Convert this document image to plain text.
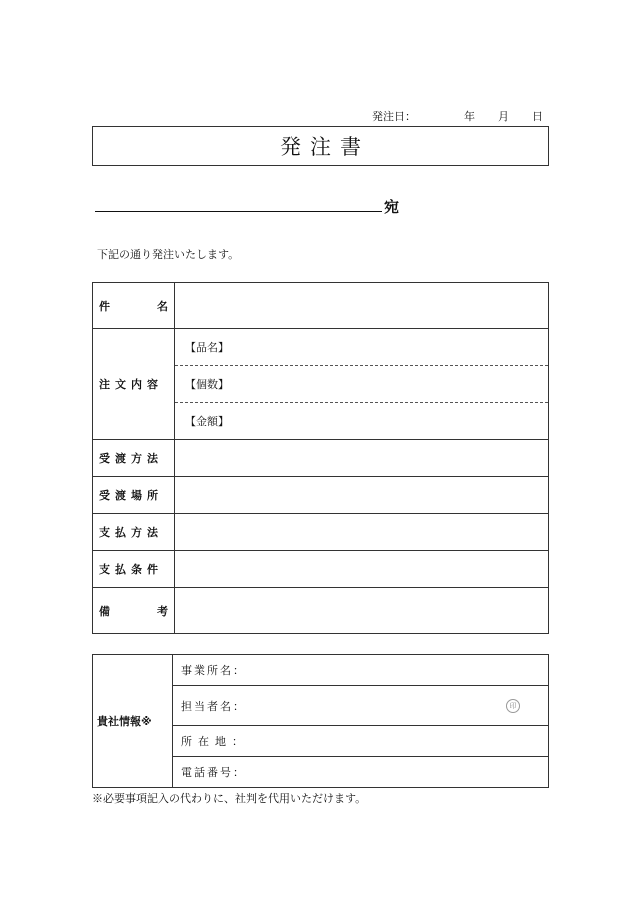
発注日：	年 月 日
発注書
宛
下記の通り発注いたします。
件 名	

注文内容	【品名】
	【個数】
	【金額】
受渡方法	
受渡場所	
支払方法	
支払条件	

備 考	

貴社情報※	
事業所名：

担当者名：	印

所在地：

電話番号：
※必要事項記入の代わりに、社判を代用いただけます。
